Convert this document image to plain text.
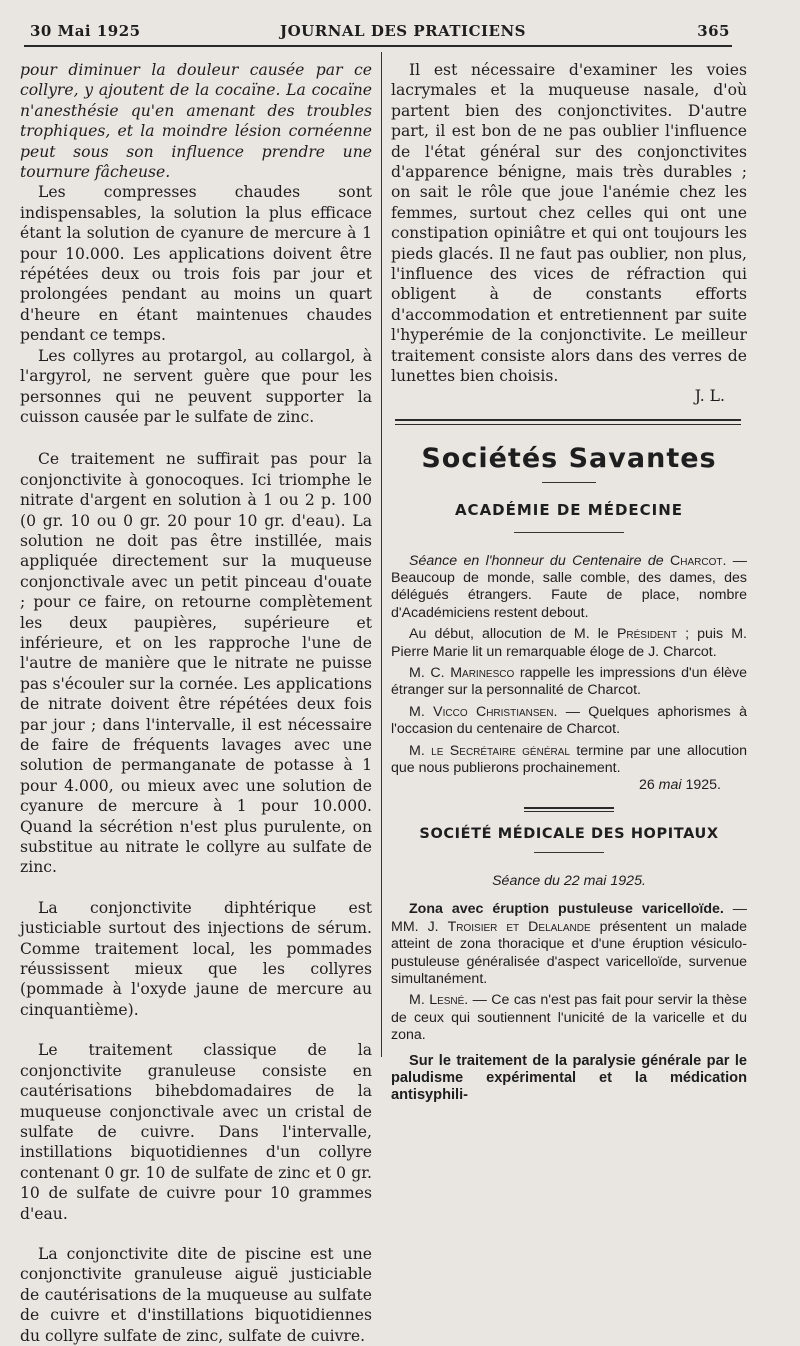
30 Mai 1925	JOURNAL DES PRATICIENS	365

pour diminuer la douleur causée par ce collyre, y ajoutent de la cocaïne. La cocaïne n'anesthésie qu'en amenant des troubles trophiques, et la moindre lésion cornéenne peut sous son influence prendre une tournure fâcheuse.

Les compresses chaudes sont indispensables, la solution la plus efficace étant la solution de cyanure de mercure à 1 pour 10.000. Les applications doivent être répétées deux ou trois fois par jour et prolongées pendant au moins un quart d'heure en étant maintenues chaudes pendant ce temps.

Les collyres au protargol, au collargol, à l'argyrol, ne servent guère que pour les personnes qui ne peuvent supporter la cuisson causée par le sulfate de zinc.

Ce traitement ne suffirait pas pour la conjonctivite à gonocoques. Ici triomphe le nitrate d'argent en solution à 1 ou 2 p. 100 (0 gr. 10 ou 0 gr. 20 pour 10 gr. d'eau). La solution ne doit pas être instillée, mais appliquée directement sur la muqueuse conjonctivale avec un petit pinceau d'ouate ; pour ce faire, on retourne complètement les deux paupières, supérieure et inférieure, et on les rapproche l'une de l'autre de manière que le nitrate ne puisse pas s'écouler sur la cornée. Les applications de nitrate doivent être répétées deux fois par jour ; dans l'intervalle, il est nécessaire de faire de fréquents lavages avec une solution de permanganate de potasse à 1 pour 4.000, ou mieux avec une solution de cyanure de mercure à 1 pour 10.000. Quand la sécrétion n'est plus purulente, on substitue au nitrate le collyre au sulfate de zinc.

La conjonctivite diphtérique est justiciable surtout des injections de sérum. Comme traitement local, les pommades réussissent mieux que les collyres (pommade à l'oxyde jaune de mercure au cinquantième).

Le traitement classique de la conjonctivite granuleuse consiste en cautérisations bihebdomadaires de la muqueuse conjonctivale avec un cristal de sulfate de cuivre. Dans l'intervalle, instillations biquotidiennes d'un collyre contenant 0 gr. 10 de sulfate de zinc et 0 gr. 10 de sulfate de cuivre pour 10 grammes d'eau.

La conjonctivite dite de piscine est une conjonctivite granuleuse aiguë justiciable de cautérisations de la muqueuse au sulfate de cuivre et d'instillations biquotidiennes du collyre sulfate de zinc, sulfate de cuivre.

Il est nécessaire d'examiner les voies lacrymales et la muqueuse nasale, d'où partent bien des conjonctivites. D'autre part, il est bon de ne pas oublier l'influence de l'état général sur des conjonctivites d'apparence bénigne, mais très durables ; on sait le rôle que joue l'anémie chez les femmes, surtout chez celles qui ont une constipation opiniâtre et qui ont toujours les pieds glacés. Il ne faut pas oublier, non plus, l'influence des vices de réfraction qui obligent à de constants efforts d'accommodation et entretiennent par suite l'hyperémie de la conjonctivite. Le meilleur traitement consiste alors dans des verres de lunettes bien choisis.

J. L.
Sociétés Savantes
ACADÉMIE DE MÉDECINE

Séance en l'honneur du Centenaire de Charcot. — Beaucoup de monde, salle comble, des dames, des délégués étrangers. Faute de place, nombre d'Académiciens restent debout.

Au début, allocution de M. le Président ; puis M. Pierre Marie lit un remarquable éloge de J. Charcot.

M. C. Marinesco rappelle les impressions d'un élève étranger sur la personnalité de Charcot.

M. Vicco Christiansen. — Quelques aphorismes à l'occasion du centenaire de Charcot.

M. le Secrétaire général termine par une allocution que nous publierons prochainement.

26 mai 1925.
SOCIÉTÉ MÉDICALE DES HOPITAUX
Séance du 22 mai 1925.

Zona avec éruption pustuleuse varicelloïde. — MM. J. Troisier et Delalande présentent un malade atteint de zona thoracique et d'une éruption vésiculo-pustuleuse généralisée d'aspect varicelloïde, survenue simultanément.

M. Lesné. — Ce cas n'est pas fait pour servir la thèse de ceux qui soutiennent l'unicité de la varicelle et du zona.

Sur le traitement de la paralysie générale par le paludisme expérimental et la médication antisyphili-
